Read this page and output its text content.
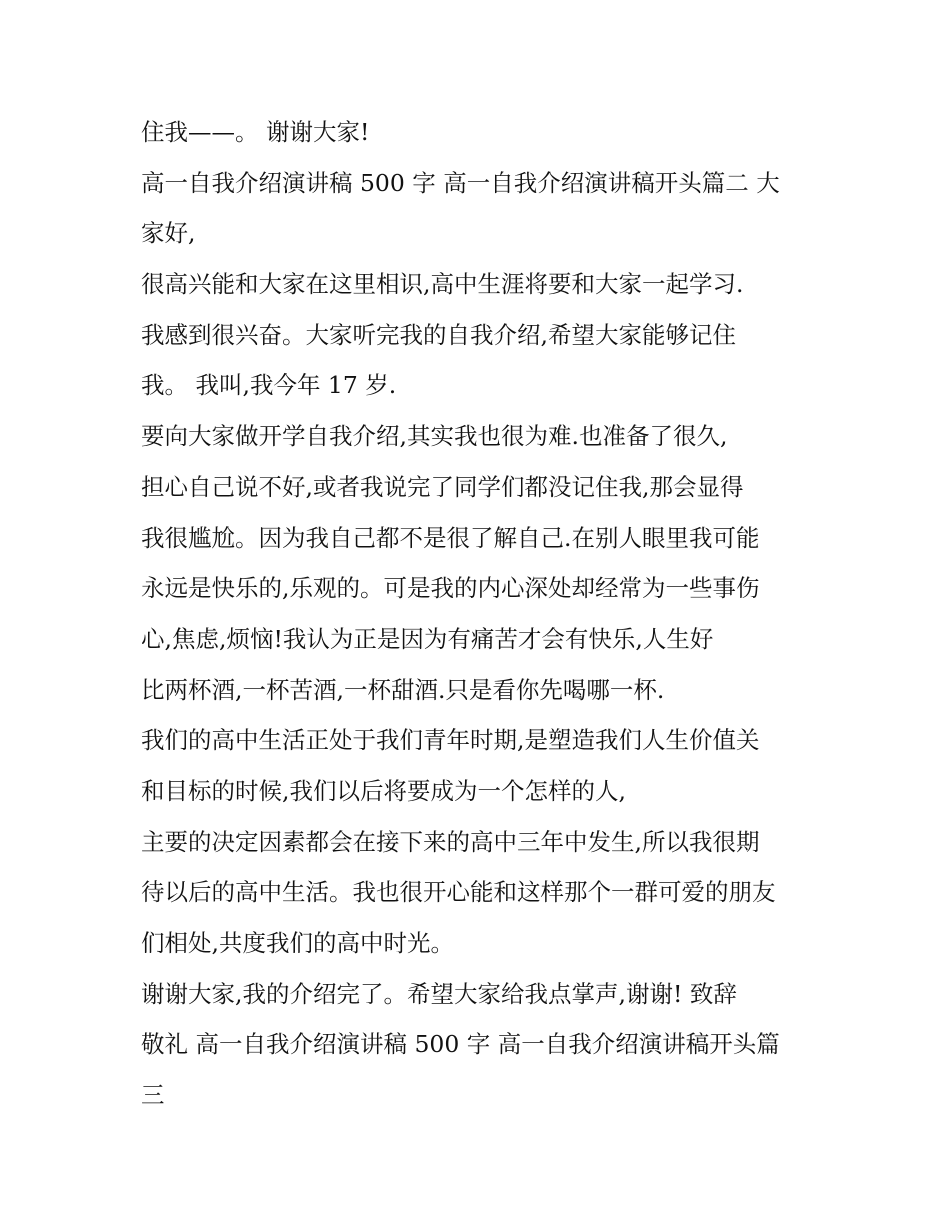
住我——。 谢谢大家!
高一自我介绍演讲稿 500 字 高一自我介绍演讲稿开头篇二 大
家好,
很高兴能和大家在这里相识,高中生涯将要和大家一起学习.
我感到很兴奋。大家听完我的自我介绍,希望大家能够记住
我。 我叫,我今年 17 岁.
要向大家做开学自我介绍,其实我也很为难.也准备了很久,
担心自己说不好,或者我说完了同学们都没记住我,那会显得
我很尴尬。因为我自己都不是很了解自己.在别人眼里我可能
永远是快乐的,乐观的。可是我的内心深处却经常为一些事伤
心,焦虑,烦恼!我认为正是因为有痛苦才会有快乐,人生好
比两杯酒,一杯苦酒,一杯甜酒.只是看你先喝哪一杯.
我们的高中生活正处于我们青年时期,是塑造我们人生价值关
和目标的时候,我们以后将要成为一个怎样的人,
主要的决定因素都会在接下来的高中三年中发生,所以我很期
待以后的高中生活。我也很开心能和这样那个一群可爱的朋友
们相处,共度我们的高中时光。
谢谢大家,我的介绍完了。希望大家给我点掌声,谢谢! 致辞
敬礼 高一自我介绍演讲稿 500 字 高一自我介绍演讲稿开头篇
三
